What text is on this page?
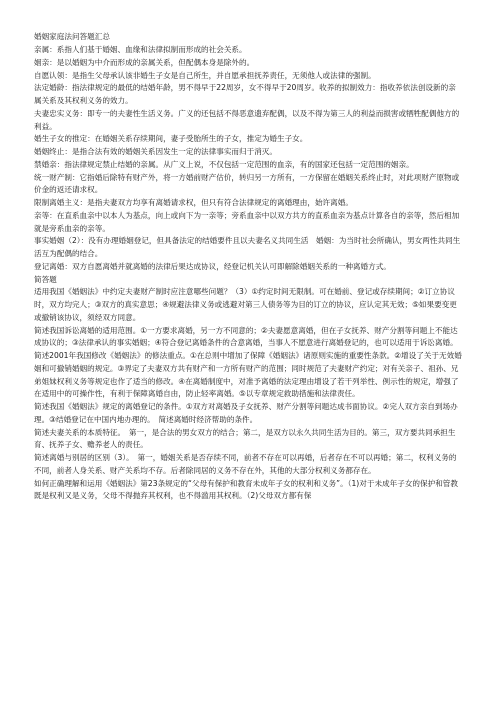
婚姻家庭法问答题汇总

亲属：系指人们基于婚姻、血缘和法律拟制而形成的社会关系。

姻亲：是以婚姻为中介而形成的亲属关系，但配偶本身是除外的。

自愿认领：是指生父母承认该非婚生子女是自己所生，并自愿承担抚养责任，无须他人或法律的强制。

法定婚龄：指法律规定的最低的结婚年龄，男不得早于22周岁，女不得早于20周岁。收养的拟制效力：指收养依法创设新的亲属关系及其权利义务的效力。

夫妻忠实义务：即专一的夫妻性生活义务。广义的还包括不得恶意遗弃配偶，以及不得为第三人的利益而损害或牺牲配偶他方的利益。

婚生子女的推定：在婚姻关系存续期间，妻子受胎所生的子女，推定为婚生子女。

婚姻终止：是指合法有效的婚姻关系因发生一定的法律事实而归于消灭。

禁婚亲：指法律规定禁止结婚的亲属。从广义上说，不仅包括一定范围的血亲，有的国家还包括一定范围的姻亲。

统一财产制：它指婚后除特有财产外，将一方婚前财产估价，转归另一方所有，一方保留在婚姻关系终止时，对此项财产原物或价金的返还请求权。

限制离婚主义：是指夫妻双方均享有离婚请求权，但只有符合法律规定的离婚理由，始许离婚。

亲等：在直系血亲中以本人为基点，向上或向下为一亲等；旁系血亲中以双方共方的直系血亲为基点计算各自的亲等，然后相加就是旁系血亲的亲等。

事实婚姻（2）：没有办理婚姻登记，但具备法定的结婚要件且以夫妻名义共同生活　婚姻：为当时社会所确认，男女两性共同生活互为配偶的结合。

登记离婚：双方自愿离婚并就离婚的法律后果达成协议，经登记机关认可即解除婚姻关系的一种离婚方式。

简答题

适用我国《婚姻法》中约定夫妻财产制时应注意哪些问题？（3）①约定时间无限制。可在婚前、登记或存续期间；②订立协议时，双方均完人；③双方的真实意思；④规避法律义务或逃避对第三人债务等为目的订立的协议，应认定其无效；⑤如果要变更或撤销该协议，须经双方同意。

简述我国诉讼离婚的适用范围。①一方要求离婚，另一方不同意的；②夫妻愿意离婚，但在子女抚养、财产分割等问题上不能达成协议的；③法律承认的事实婚姻；④符合登记离婚条件的合意离婚，当事人不愿意进行离婚登记的，也可以适用于诉讼离婚。　简述2001年我国修改《婚姻法》的修法重点。①在总则中增加了保障《婚姻法》诸原则实施的重要性条款。②增设了关于无效婚姻和可撤销婚姻的规定。③界定了夫妻双方共有财产和一方所有财产的范围；同时规范了夫妻财产约定；对有关亲子、祖孙、兄弟姐妹权利义务等规定也作了适当的修改。④在离婚制度中，对准予离婚的法定理由增设了若干列举性、例示性的规定，增强了在适用中的可操作性，有利于保障离婚自由，防止轻率离婚。⑤以专章规定救助措施和法律责任。

简述我国《婚姻法》规定的离婚登记的条件。①双方对离婚及子女抚养、财产分割等问题达成书面协议。②完人双方亲自到场办理。③结婚登记在中国内地办理的。　简述离婚时经济帮助的条件。

简述夫妻关系的本质特征。　第一，是合法的男女双方的结合；第二，是双方以永久共同生活为目的。第三，双方要共同承担生育、抚养子女、赡养老人的责任。

简述离婚与别居的区别（3）。　第一，婚姻关系是否存续不同，前者不存在可以再婚，后者存在不可以再婚；第二，权利义务的不同，前者人身关系、财产关系均不存。后者除同居的义务不存在外，其他的大部分权利义务都存在。

如何正确理解和运用《婚姻法》第23条规定的“父母有保护和教育未成年子女的权利和义务”。（1)对于未成年子女的保护和管教既是权利又是义务，父母不得抛弃其权利，也不得滥用其权利。（2)父母双方都有保
